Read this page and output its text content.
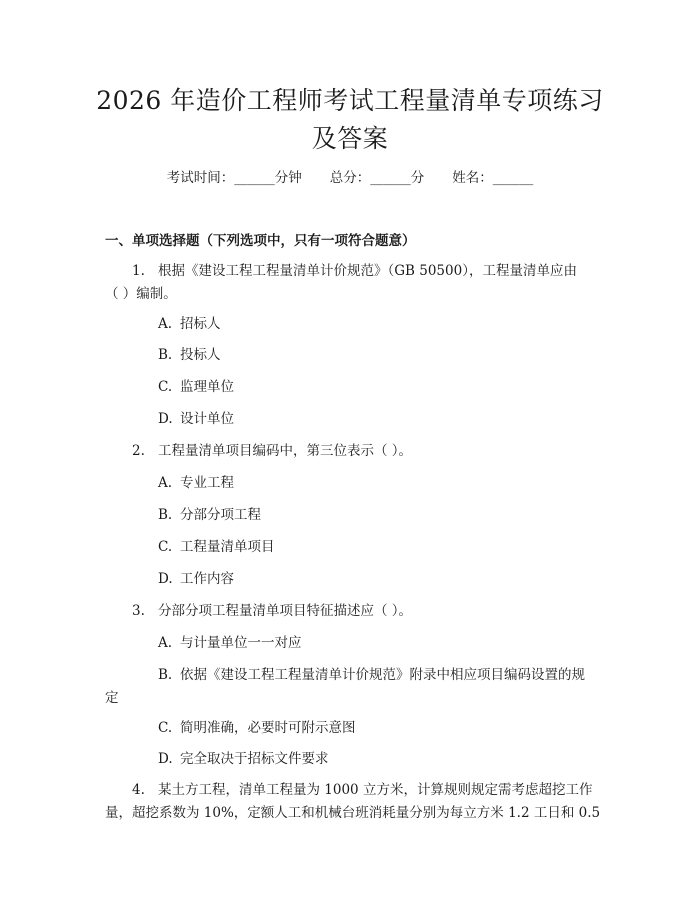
2026 年造价工程师考试工程量清单专项练习
及答案
考试时间：______分钟 总分：______分 姓名：______
一、单项选择题（下列选项中，只有一项符合题意）
1. 根据《建设工程工程量清单计价规范》（GB 50500），工程量清单应由
（ ）编制。
A. 招标人
B. 投标人
C. 监理单位
D. 设计单位
2. 工程量清单项目编码中，第三位表示（ ）。
A. 专业工程
B. 分部分项工程
C. 工程量清单项目
D. 工作内容
3. 分部分项工程量清单项目特征描述应（ ）。
A. 与计量单位一一对应
B. 依据《建设工程工程量清单计价规范》附录中相应项目编码设置的规
定
C. 简明准确，必要时可附示意图
D. 完全取决于招标文件要求
4. 某土方工程，清单工程量为 1000 立方米，计算规则规定需考虑超挖工作
量，超挖系数为 10%，定额人工和机械台班消耗量分别为每立方米 1.2 工日和 0.5
